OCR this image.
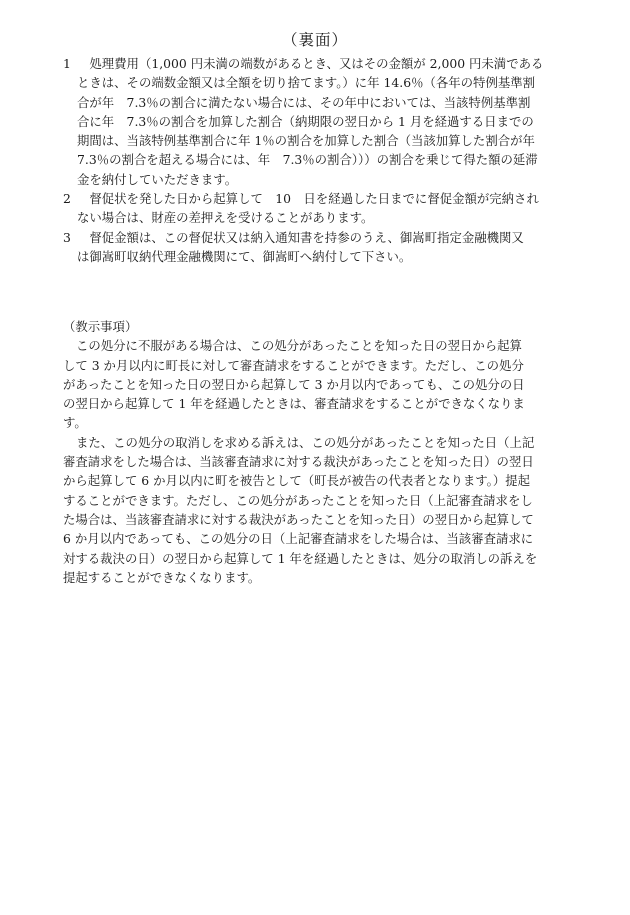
（裏面）
1 　処理費用（1,000 円未満の端数があるとき、又はその金額が 2,000 円未満である
ときは、その端数金額又は全額を切り捨てます。）に年 14.6％（各年の特例基準割
合が年　7.3％の割合に満たない場合には、その年中においては、当該特例基準割
合に年　7.3％の割合を加算した割合（納期限の翌日から 1 月を経過する日までの
期間は、当該特例基準割合に年 1％の割合を加算した割合（当該加算した割合が年
7.3％の割合を超える場合には、年　7.3％の割合）））の割合を乗じて得た額の延滞
金を納付していただきます。
2 　督促状を発した日から起算して　10　日を経過した日までに督促金額が完納され
ない場合は、財産の差押えを受けることがあります。
3 　督促金額は、この督促状又は納入通知書を持参のうえ、御嵩町指定金融機関又
は御嵩町収納代理金融機関にて、御嵩町へ納付して下さい。

（教示事項）

この処分に不服がある場合は、この処分があったことを知った日の翌日から起算
して 3 か月以内に町長に対して審査請求をすることができます。ただし、この処分
があったことを知った日の翌日から起算して 3 か月以内であっても、この処分の日
の翌日から起算して 1 年を経過したときは、審査請求をすることができなくなりま
す。
また、この処分の取消しを求める訴えは、この処分があったことを知った日（上記
審査請求をした場合は、当該審査請求に対する裁決があったことを知った日）の翌日
から起算して 6 か月以内に町を被告として（町長が被告の代表者となります。）提起
することができます。ただし、この処分があったことを知った日（上記審査請求をし
た場合は、当該審査請求に対する裁決があったことを知った日）の翌日から起算して
6 か月以内であっても、この処分の日（上記審査請求をした場合は、当該審査請求に
対する裁決の日）の翌日から起算して 1 年を経過したときは、処分の取消しの訴えを
提起することができなくなります。
